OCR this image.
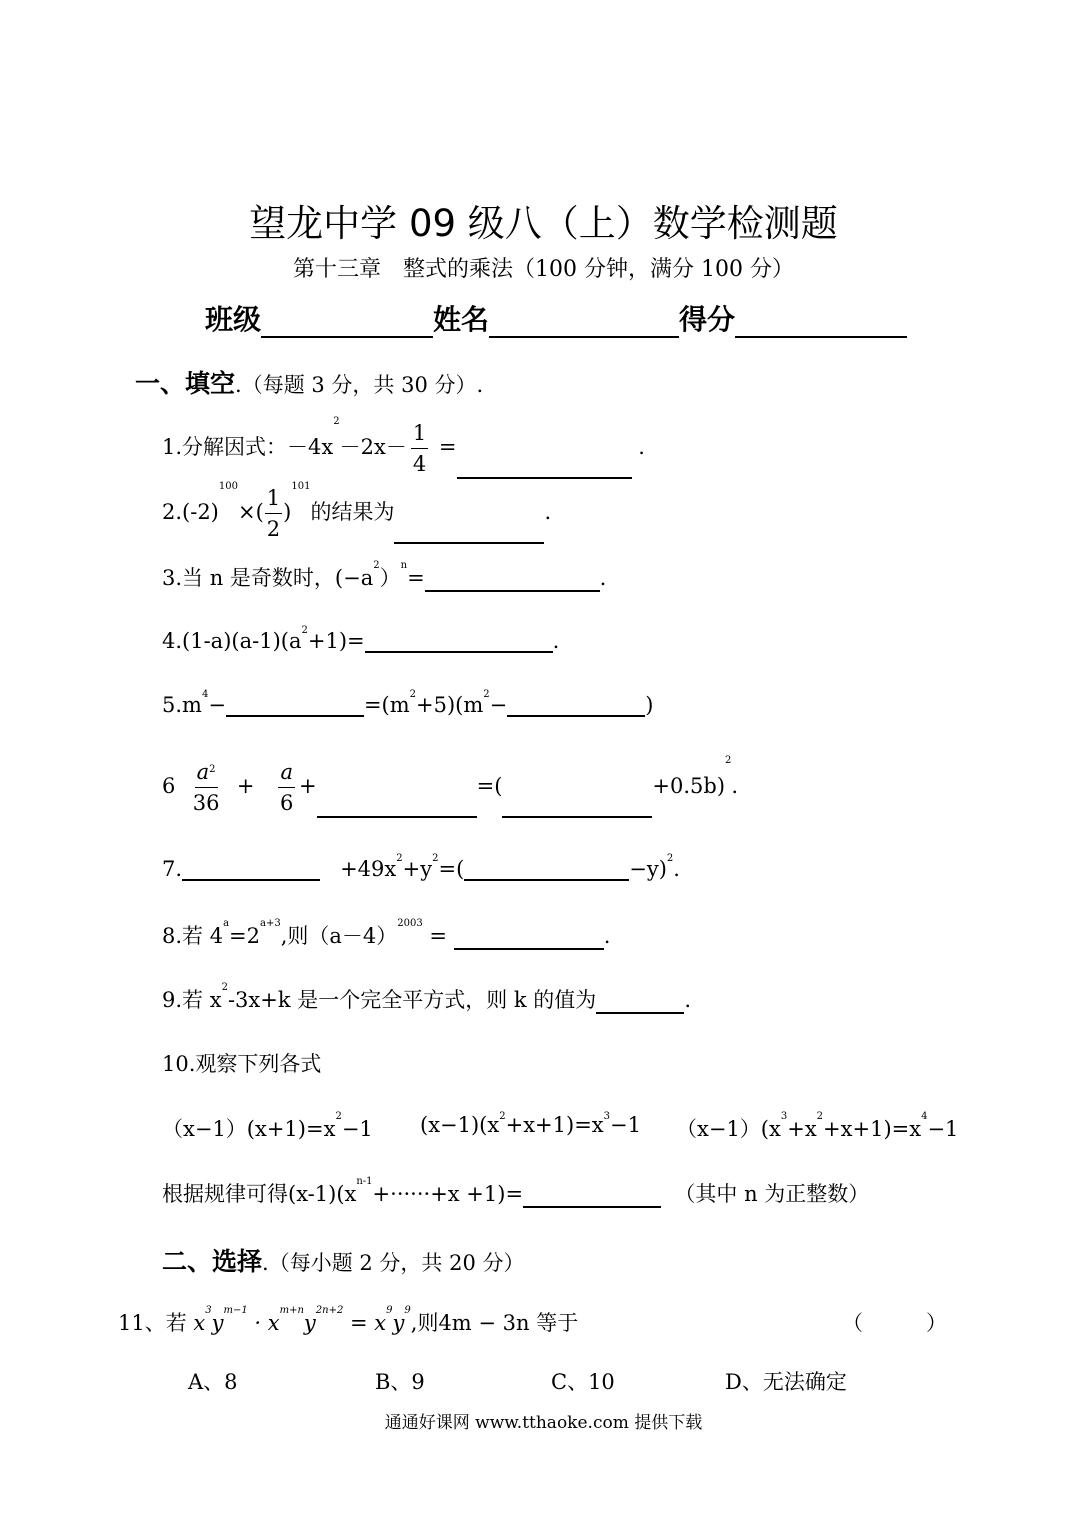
望龙中学 09 级八（上）数学检测题
第十三章　整式的乘法（100 分钟，满分 100 分）
班级	姓名	得分
一、填空.（每题 3 分，共 30 分）.
1.分解因式：$-4x^2-2x- \frac{1}{4}$ =	.
$2.(-2)^{100}\times( \frac{1}{2} )^{101}$的结果为	.
3.当 n 是奇数时，$(-a^2)^n=$	.
$4.(1-a)(a-1)(a^2+1)=$	.
$5.m^4-$	$=(m^2+5)(m^2-$	)
$6 \frac{a^2}{36} + \frac{a}{6}$ +	=(	+0.5b)$^2$.
7.	$+49x^2+y^2=$(	−y)$^2$.
8.若 $4^a=2^{a+3}$,则$(a-4)^{2003}$ =	.
9.若 $x^2-3x+k$ 是一个完全平方式，则 k 的值为	.
10.观察下列各式
$(x-1)(x+1)=x^2-1$ $(x-1)(x^2+x+1)=x^3-1$ $(x-1)(x^3+x^2+x+1)=x^4-1$
根据规律可得$(x-1)(x^{n-1}+\cdot\cdot\cdot\cdot\cdot\cdot+x +1)=$	（其中 n 为正整数）
二、选择.（每小题 2 分，共 20 分）
11、若 $x^3y^{m-1} \cdot x^{m+n}y^{2n+2} = x^9y^9$,则4m − 3n 等于	（　　　）
A、8	B、9	C、10	D、无法确定
通通好课网 www.tthaoke.com 提供下载
